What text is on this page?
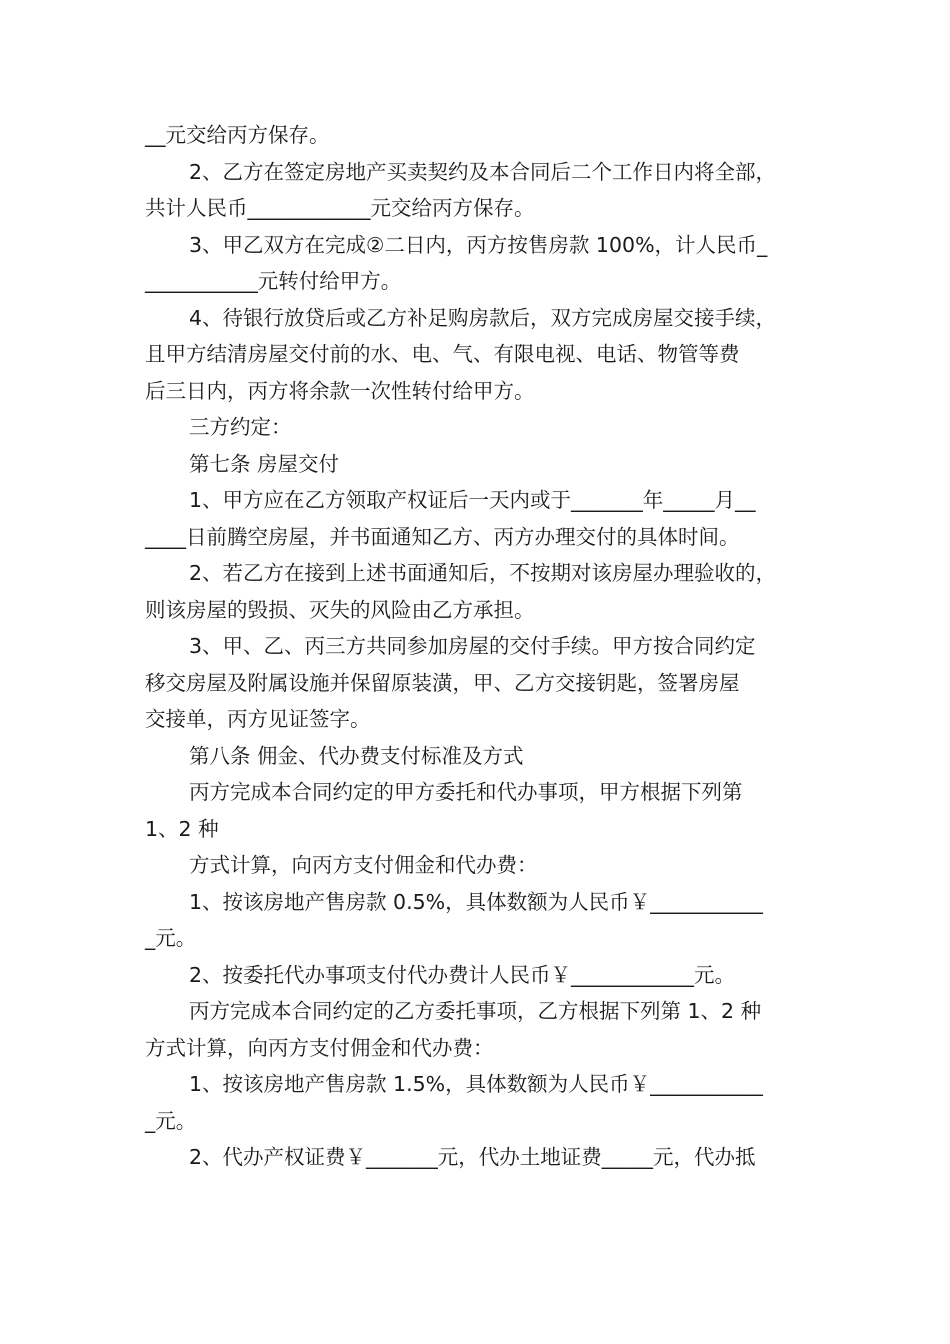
__元交给丙方保存。
2、乙方在签定房地产买卖契约及本合同后二个工作日内将全部，
共计人民币____________元交给丙方保存。
3、甲乙双方在完成②二日内，丙方按售房款 100%，计人民币_
___________元转付给甲方。
4、待银行放贷后或乙方补足购房款后，双方完成房屋交接手续，
且甲方结清房屋交付前的水、电、气、有限电视、电话、物管等费
后三日内，丙方将余款一次性转付给甲方。
三方约定：
第七条 房屋交付
1、甲方应在乙方领取产权证后一天内或于_______年_____月__
____日前腾空房屋，并书面通知乙方、丙方办理交付的具体时间。
2、若乙方在接到上述书面通知后，不按期对该房屋办理验收的，
则该房屋的毁损、灭失的风险由乙方承担。
3、甲、乙、丙三方共同参加房屋的交付手续。甲方按合同约定
移交房屋及附属设施并保留原装潢，甲、乙方交接钥匙，签署房屋
交接单，丙方见证签字。
第八条 佣金、代办费支付标准及方式
丙方完成本合同约定的甲方委托和代办事项，甲方根据下列第
1、2 种
方式计算，向丙方支付佣金和代办费：
1、按该房地产售房款 0.5%，具体数额为人民币￥___________
_元。
2、按委托代办事项支付代办费计人民币￥____________元。
丙方完成本合同约定的乙方委托事项，乙方根据下列第 1、2 种
方式计算，向丙方支付佣金和代办费：
1、按该房地产售房款 1.5%，具体数额为人民币￥___________
_元。
2、代办产权证费￥_______元，代办土地证费_____元，代办抵
